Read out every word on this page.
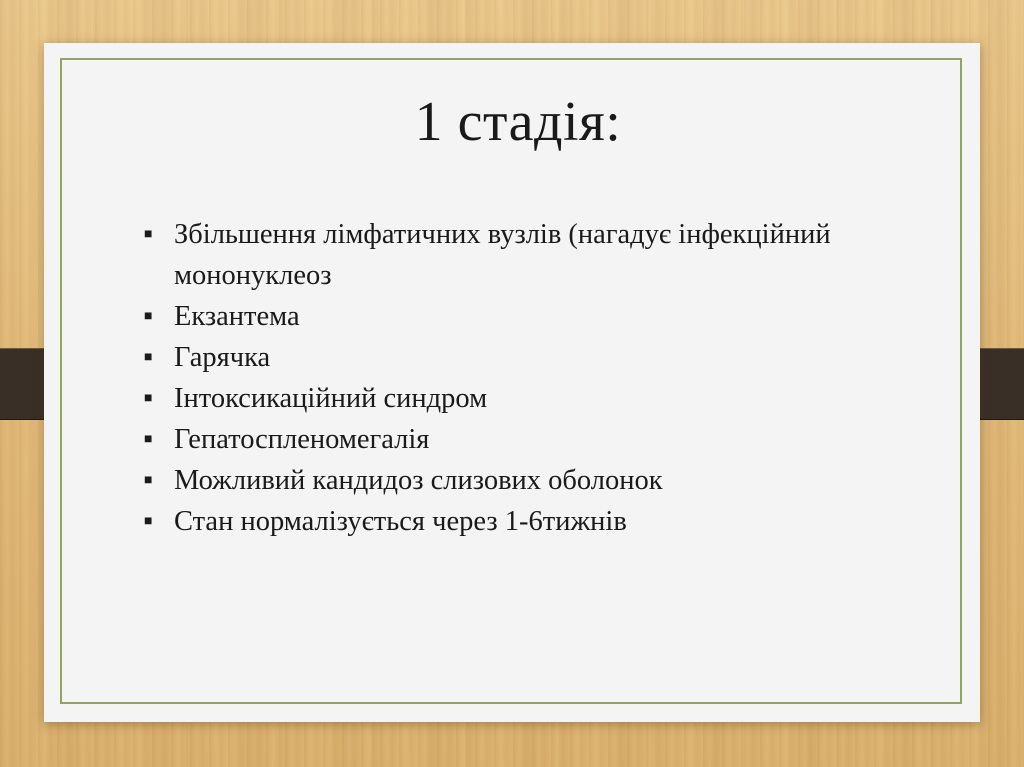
1 стадія:
■ Збільшення лімфатичних вузлів (нагадує інфекційний мононуклеоз
■ Екзантема
■ Гарячка
■ Інтоксикаційний синдром
■ Гепатоспленомегалія
■ Можливий кандидоз слизових оболонок
■ Стан нормалізується через 1-6тижнів
